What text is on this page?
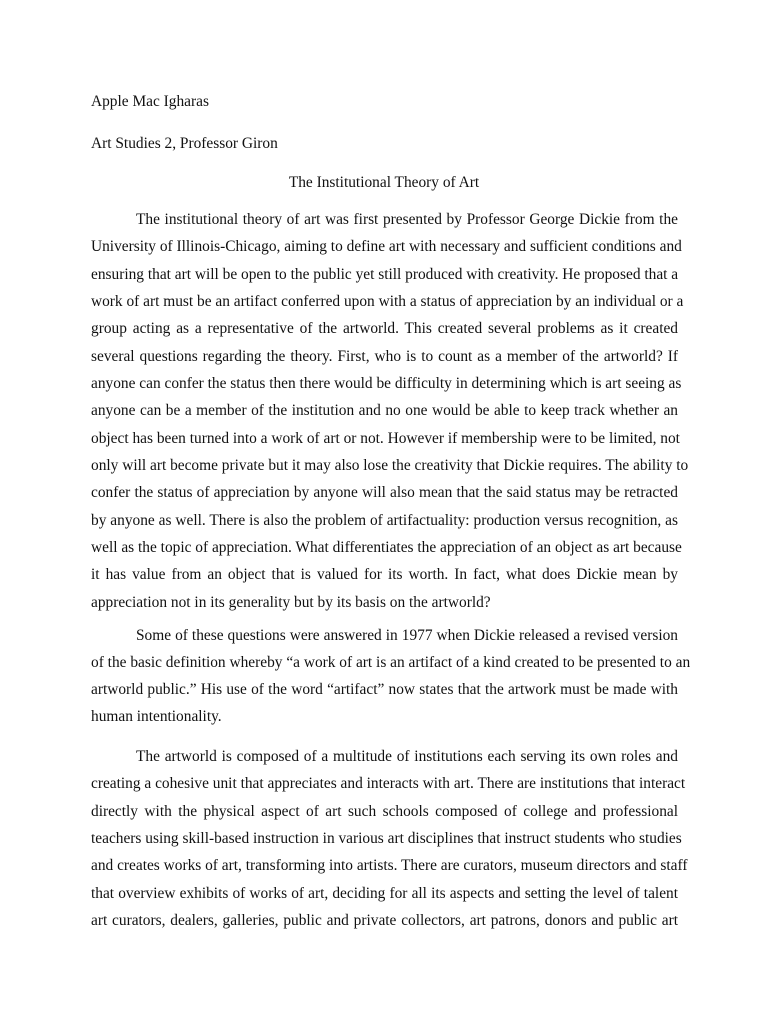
Apple Mac Igharas
Art Studies 2, Professor Giron
The Institutional Theory of Art
The institutional theory of art was first presented by Professor George Dickie from the
University of Illinois-Chicago, aiming to define art with necessary and sufficient conditions and
ensuring that art will be open to the public yet still produced with creativity. He proposed that a
work of art must be an artifact conferred upon with a status of appreciation by an individual or a
group acting as a representative of the artworld. This created several problems as it created
several questions regarding the theory. First, who is to count as a member of the artworld? If
anyone can confer the status then there would be difficulty in determining which is art seeing as
anyone can be a member of the institution and no one would be able to keep track whether an
object has been turned into a work of art or not. However if membership were to be limited, not
only will art become private but it may also lose the creativity that Dickie requires. The ability to
confer the status of appreciation by anyone will also mean that the said status may be retracted
by anyone as well. There is also the problem of artifactuality: production versus recognition, as
well as the topic of appreciation. What differentiates the appreciation of an object as art because
it has value from an object that is valued for its worth. In fact, what does Dickie mean by
appreciation not in its generality but by its basis on the artworld?
Some of these questions were answered in 1977 when Dickie released a revised version
of the basic definition whereby “a work of art is an artifact of a kind created to be presented to an
artworld public.” His use of the word “artifact” now states that the artwork must be made with
human intentionality.
The artworld is composed of a multitude of institutions each serving its own roles and
creating a cohesive unit that appreciates and interacts with art. There are institutions that interact
directly with the physical aspect of art such schools composed of college and professional
teachers using skill-based instruction in various art disciplines that instruct students who studies
and creates works of art, transforming into artists. There are curators, museum directors and staff
that overview exhibits of works of art, deciding for all its aspects and setting the level of talent
art curators, dealers, galleries, public and private collectors, art patrons, donors and public art
